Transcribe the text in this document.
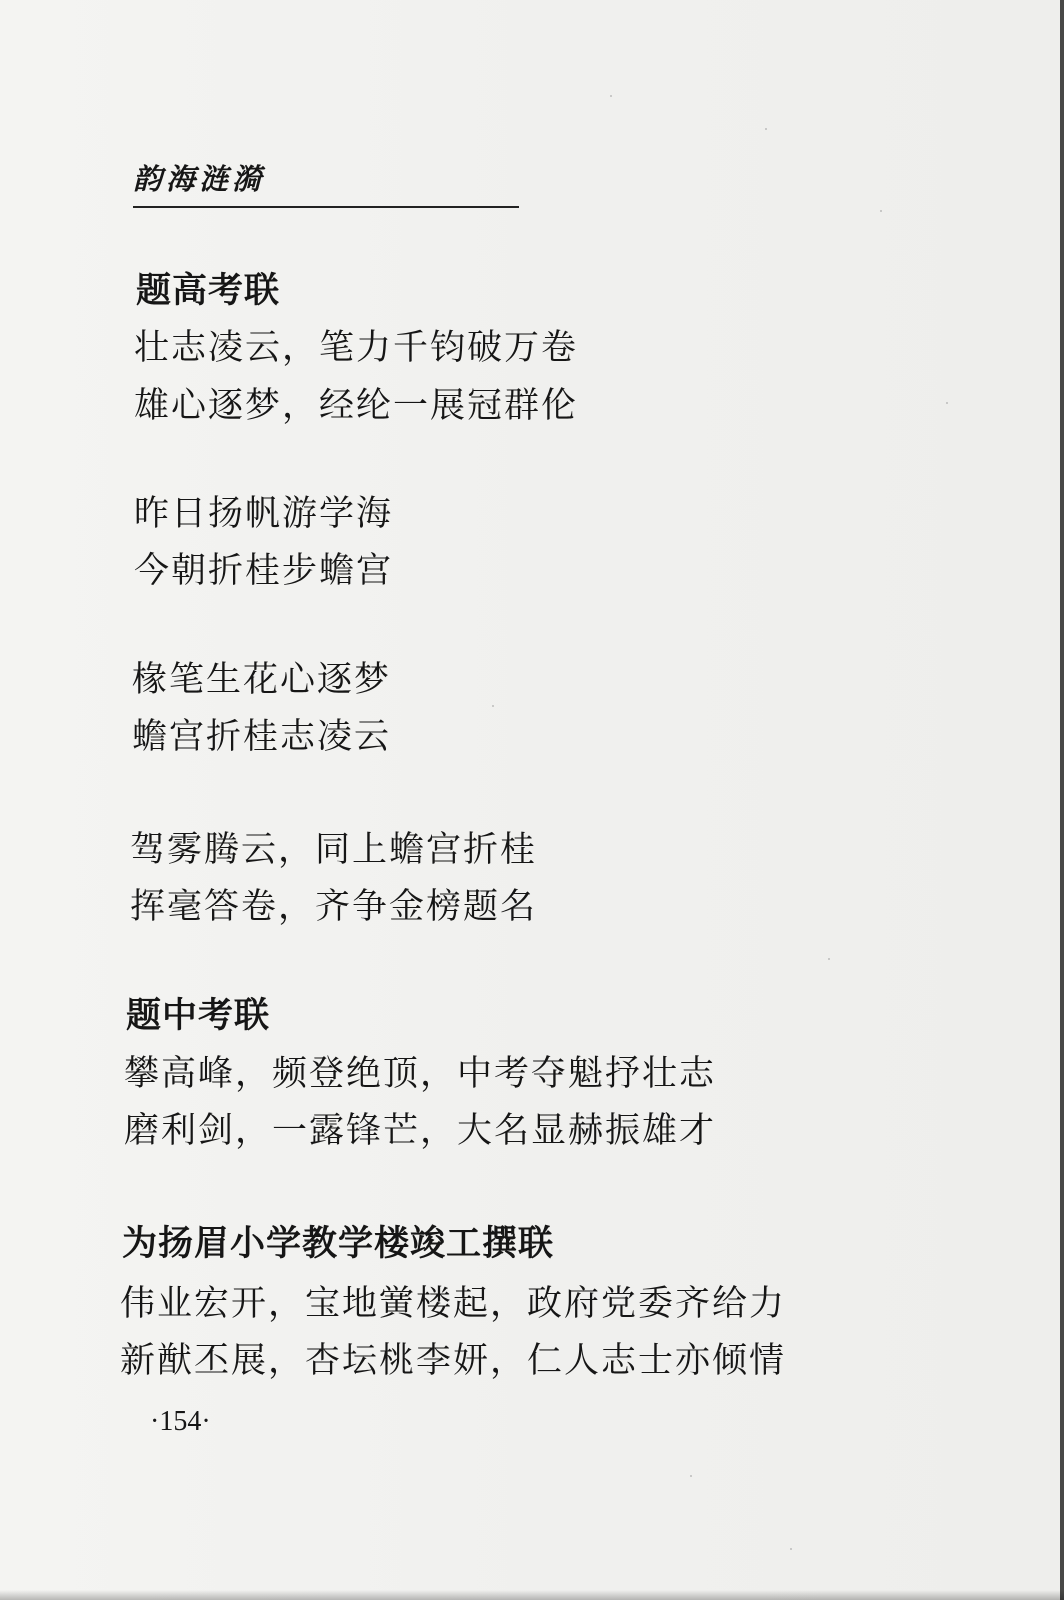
韵海涟漪
题高考联
壮志凌云，笔力千钧破万卷
雄心逐梦，经纶一展冠群伦
昨日扬帆游学海
今朝折桂步蟾宫
椽笔生花心逐梦
蟾宫折桂志凌云
驾雾腾云，同上蟾宫折桂
挥毫答卷，齐争金榜题名
题中考联
攀高峰，频登绝顶，中考夺魁抒壮志
磨利剑，一露锋芒，大名显赫振雄才
为扬眉小学教学楼竣工撰联
伟业宏开，宝地黉楼起，政府党委齐给力
新猷丕展，杏坛桃李妍，仁人志士亦倾情
·154·
